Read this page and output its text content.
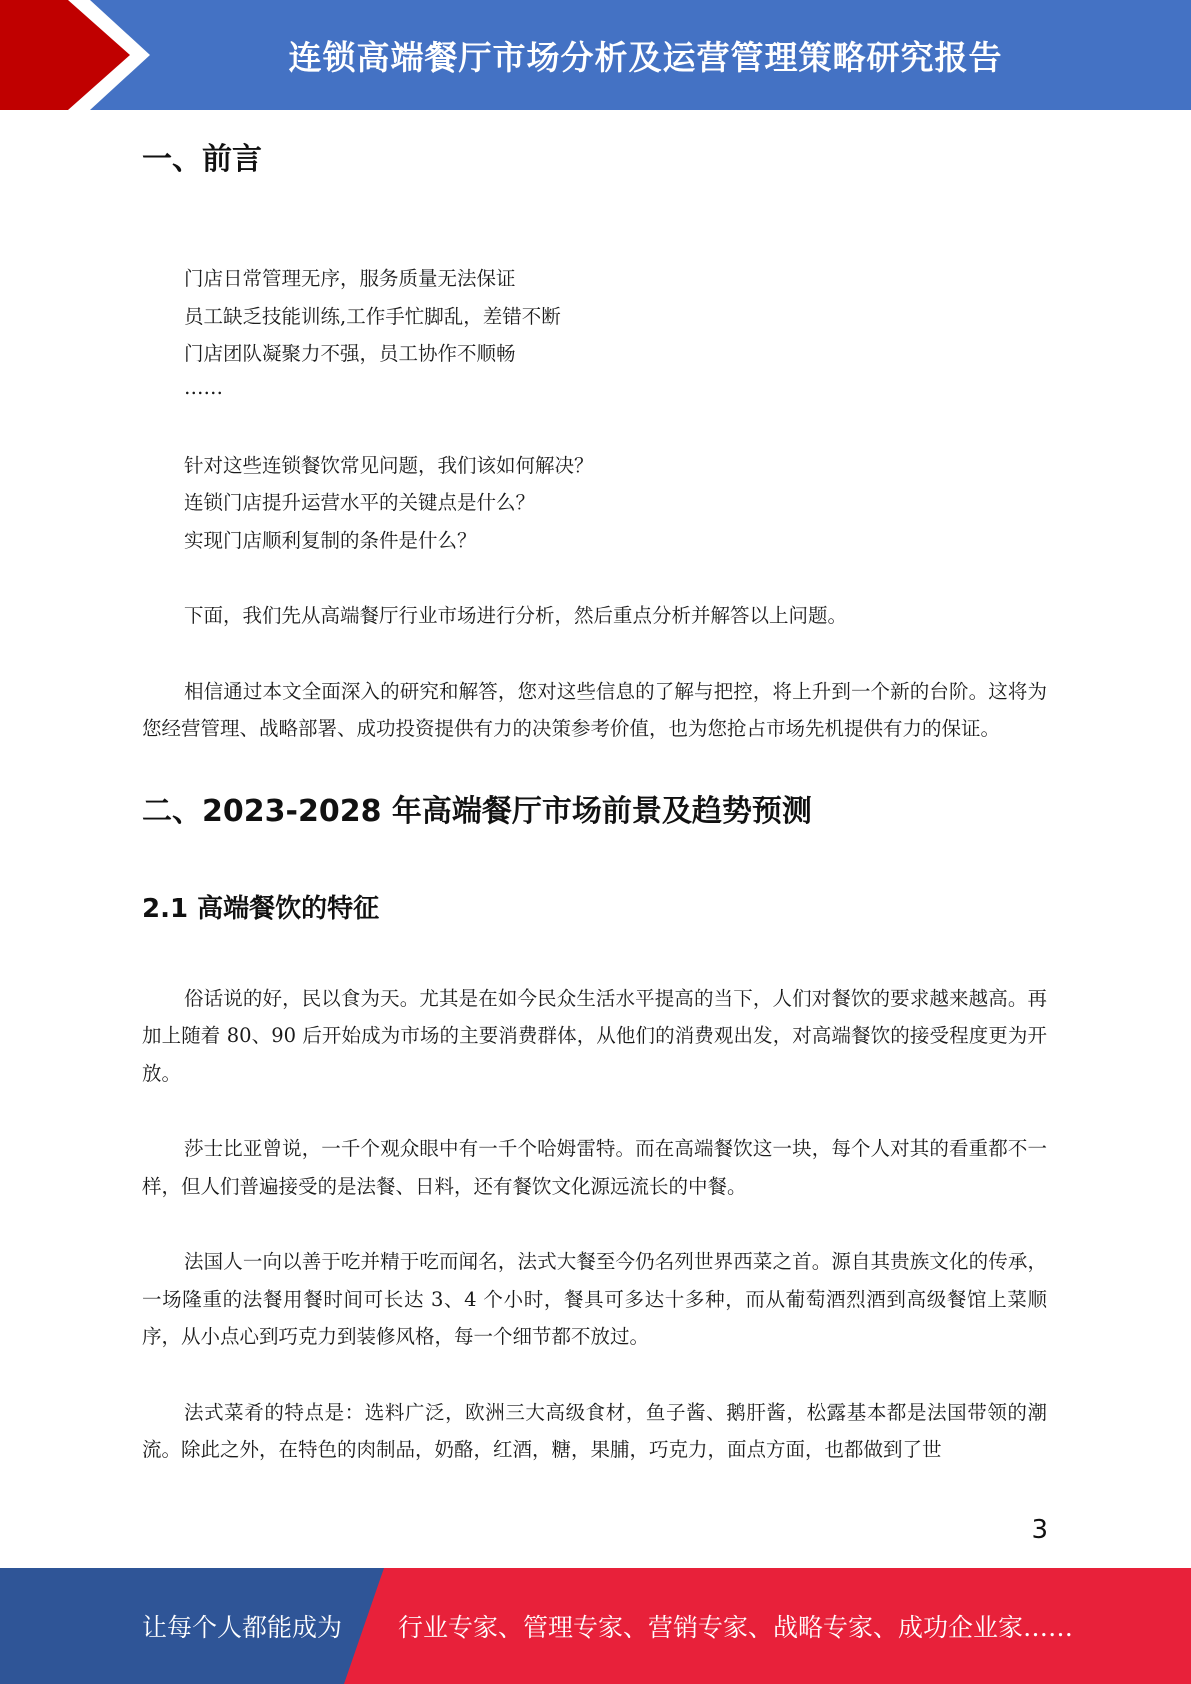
连锁高端餐厅市场分析及运营管理策略研究报告
一、前言

门店日常管理无序，服务质量无法保证

员工缺乏技能训练,工作手忙脚乱，差错不断

门店团队凝聚力不强，员工协作不顺畅

……

针对这些连锁餐饮常见问题，我们该如何解决？

连锁门店提升运营水平的关键点是什么？

实现门店顺利复制的条件是什么？

下面，我们先从高端餐厅行业市场进行分析，然后重点分析并解答以上问题。

相信通过本文全面深入的研究和解答，您对这些信息的了解与把控，将上升到一个新的台阶。这将为您经营管理、战略部署、成功投资提供有力的决策参考价值，也为您抢占市场先机提供有力的保证。

二、2023-2028 年高端餐厅市场前景及趋势预测
2.1 高端餐饮的特征

俗话说的好，民以食为天。尤其是在如今民众生活水平提高的当下，人们对餐饮的要求越来越高。再加上随着 80、90 后开始成为市场的主要消费群体，从他们的消费观出发，对高端餐饮的接受程度更为开放。

莎士比亚曾说，一千个观众眼中有一千个哈姆雷特。而在高端餐饮这一块，每个人对其的看重都不一样，但人们普遍接受的是法餐、日料，还有餐饮文化源远流长的中餐。

法国人一向以善于吃并精于吃而闻名，法式大餐至今仍名列世界西菜之首。源自其贵族文化的传承，一场隆重的法餐用餐时间可长达 3、4 个小时，餐具可多达十多种，而从葡萄酒烈酒到高级餐馆上菜顺序，从小点心到巧克力到装修风格，每一个细节都不放过。

法式菜肴的特点是：选料广泛，欧洲三大高级食材，鱼子酱、鹅肝酱，松露基本都是法国带领的潮流。除此之外，在特色的肉制品，奶酪，红酒，糖，果脯，巧克力，面点方面，也都做到了世

3
让每个人都能成为 行业专家、管理专家、营销专家、战略专家、成功企业家……
